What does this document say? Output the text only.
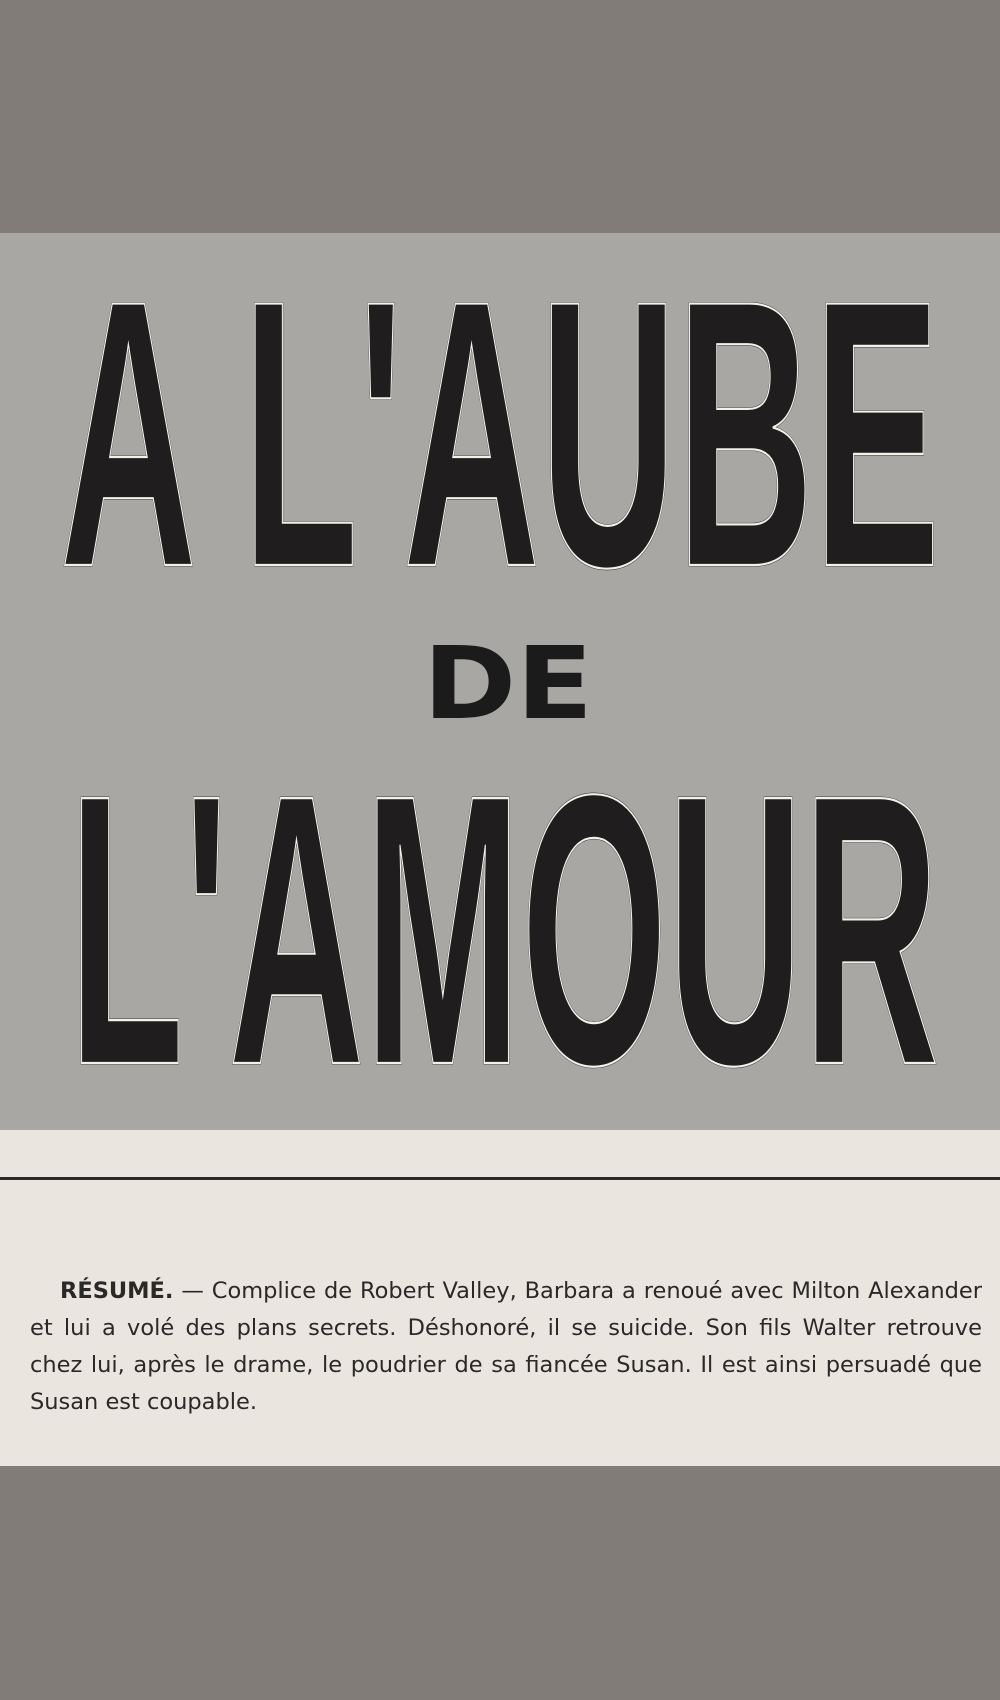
A L'AUBE
A L'AUBE
DE
L'AMOUR
L'AMOUR

RÉSUMÉ. — Complice de Robert Valley, Barbara a renoué avec Milton Alexander et lui a volé des plans secrets. Déshonoré, il se suicide. Son fils Walter retrouve chez lui, après le drame, le poudrier de sa fiancée Susan. Il est ainsi persuadé que Susan est coupable.
